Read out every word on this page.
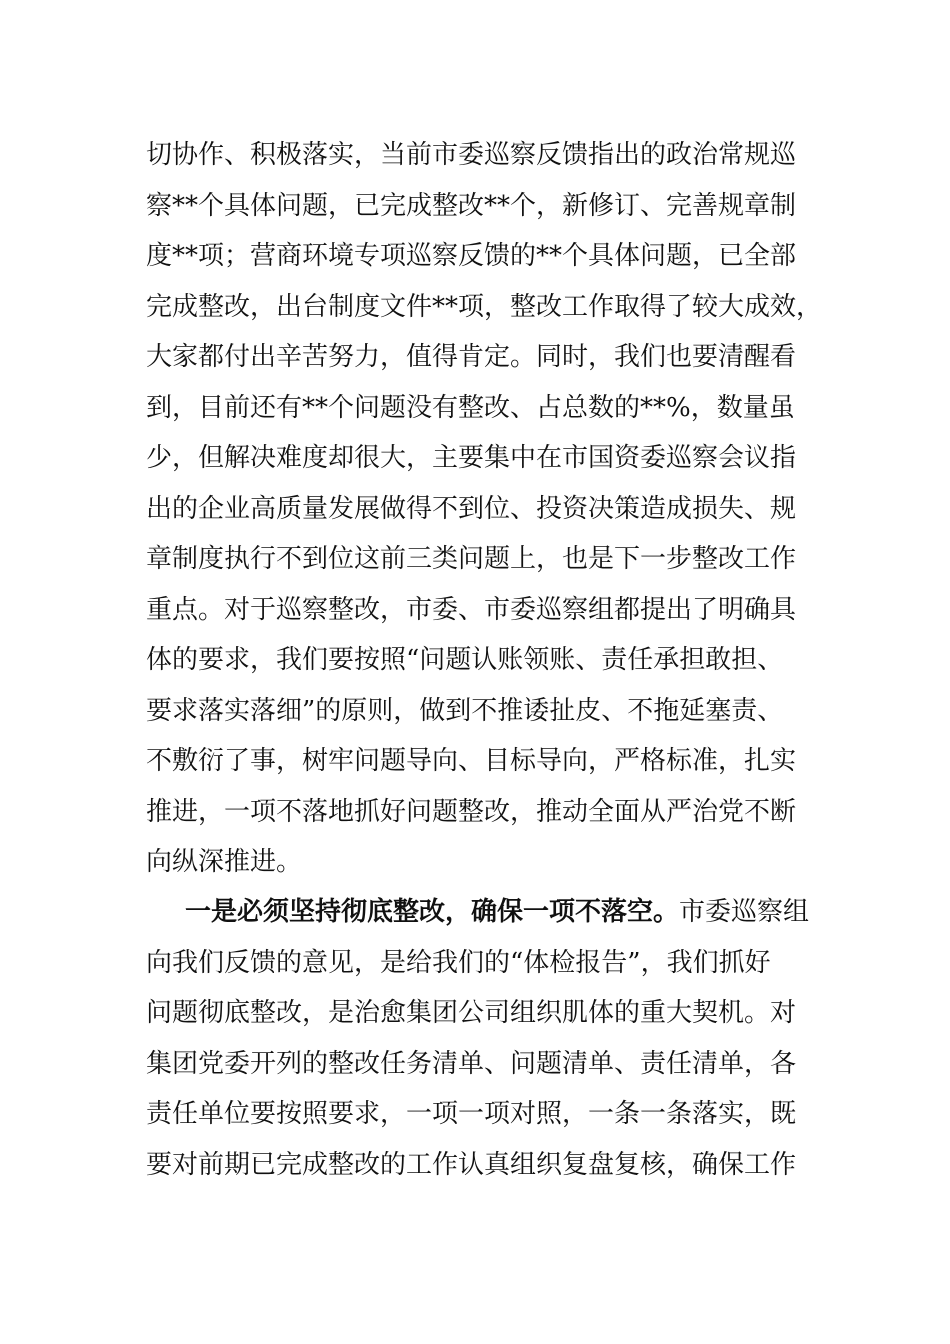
切协作、积极落实，当前市委巡察反馈指出的政治常规巡
察**个具体问题，已完成整改**个，新修订、完善规章制
度**项；营商环境专项巡察反馈的**个具体问题，已全部
完成整改，出台制度文件**项，整改工作取得了较大成效，
大家都付出辛苦努力，值得肯定。同时，我们也要清醒看
到，目前还有**个问题没有整改、占总数的**%，数量虽
少，但解决难度却很大，主要集中在市国资委巡察会议指
出的企业高质量发展做得不到位、投资决策造成损失、规
章制度执行不到位这前三类问题上，也是下一步整改工作
重点。对于巡察整改，市委、市委巡察组都提出了明确具
体的要求，我们要按照“问题认账领账、责任承担敢担、
要求落实落细”的原则，做到不推诿扯皮、不拖延塞责、
不敷衍了事，树牢问题导向、目标导向，严格标准，扎实
推进，一项不落地抓好问题整改，推动全面从严治党不断
向纵深推进。
一是必须坚持彻底整改，确保一项不落空。市委巡察组
向我们反馈的意见，是给我们的“体检报告”，我们抓好
问题彻底整改，是治愈集团公司组织肌体的重大契机。对
集团党委开列的整改任务清单、问题清单、责任清单，各
责任单位要按照要求，一项一项对照，一条一条落实，既
要对前期已完成整改的工作认真组织复盘复核，确保工作
